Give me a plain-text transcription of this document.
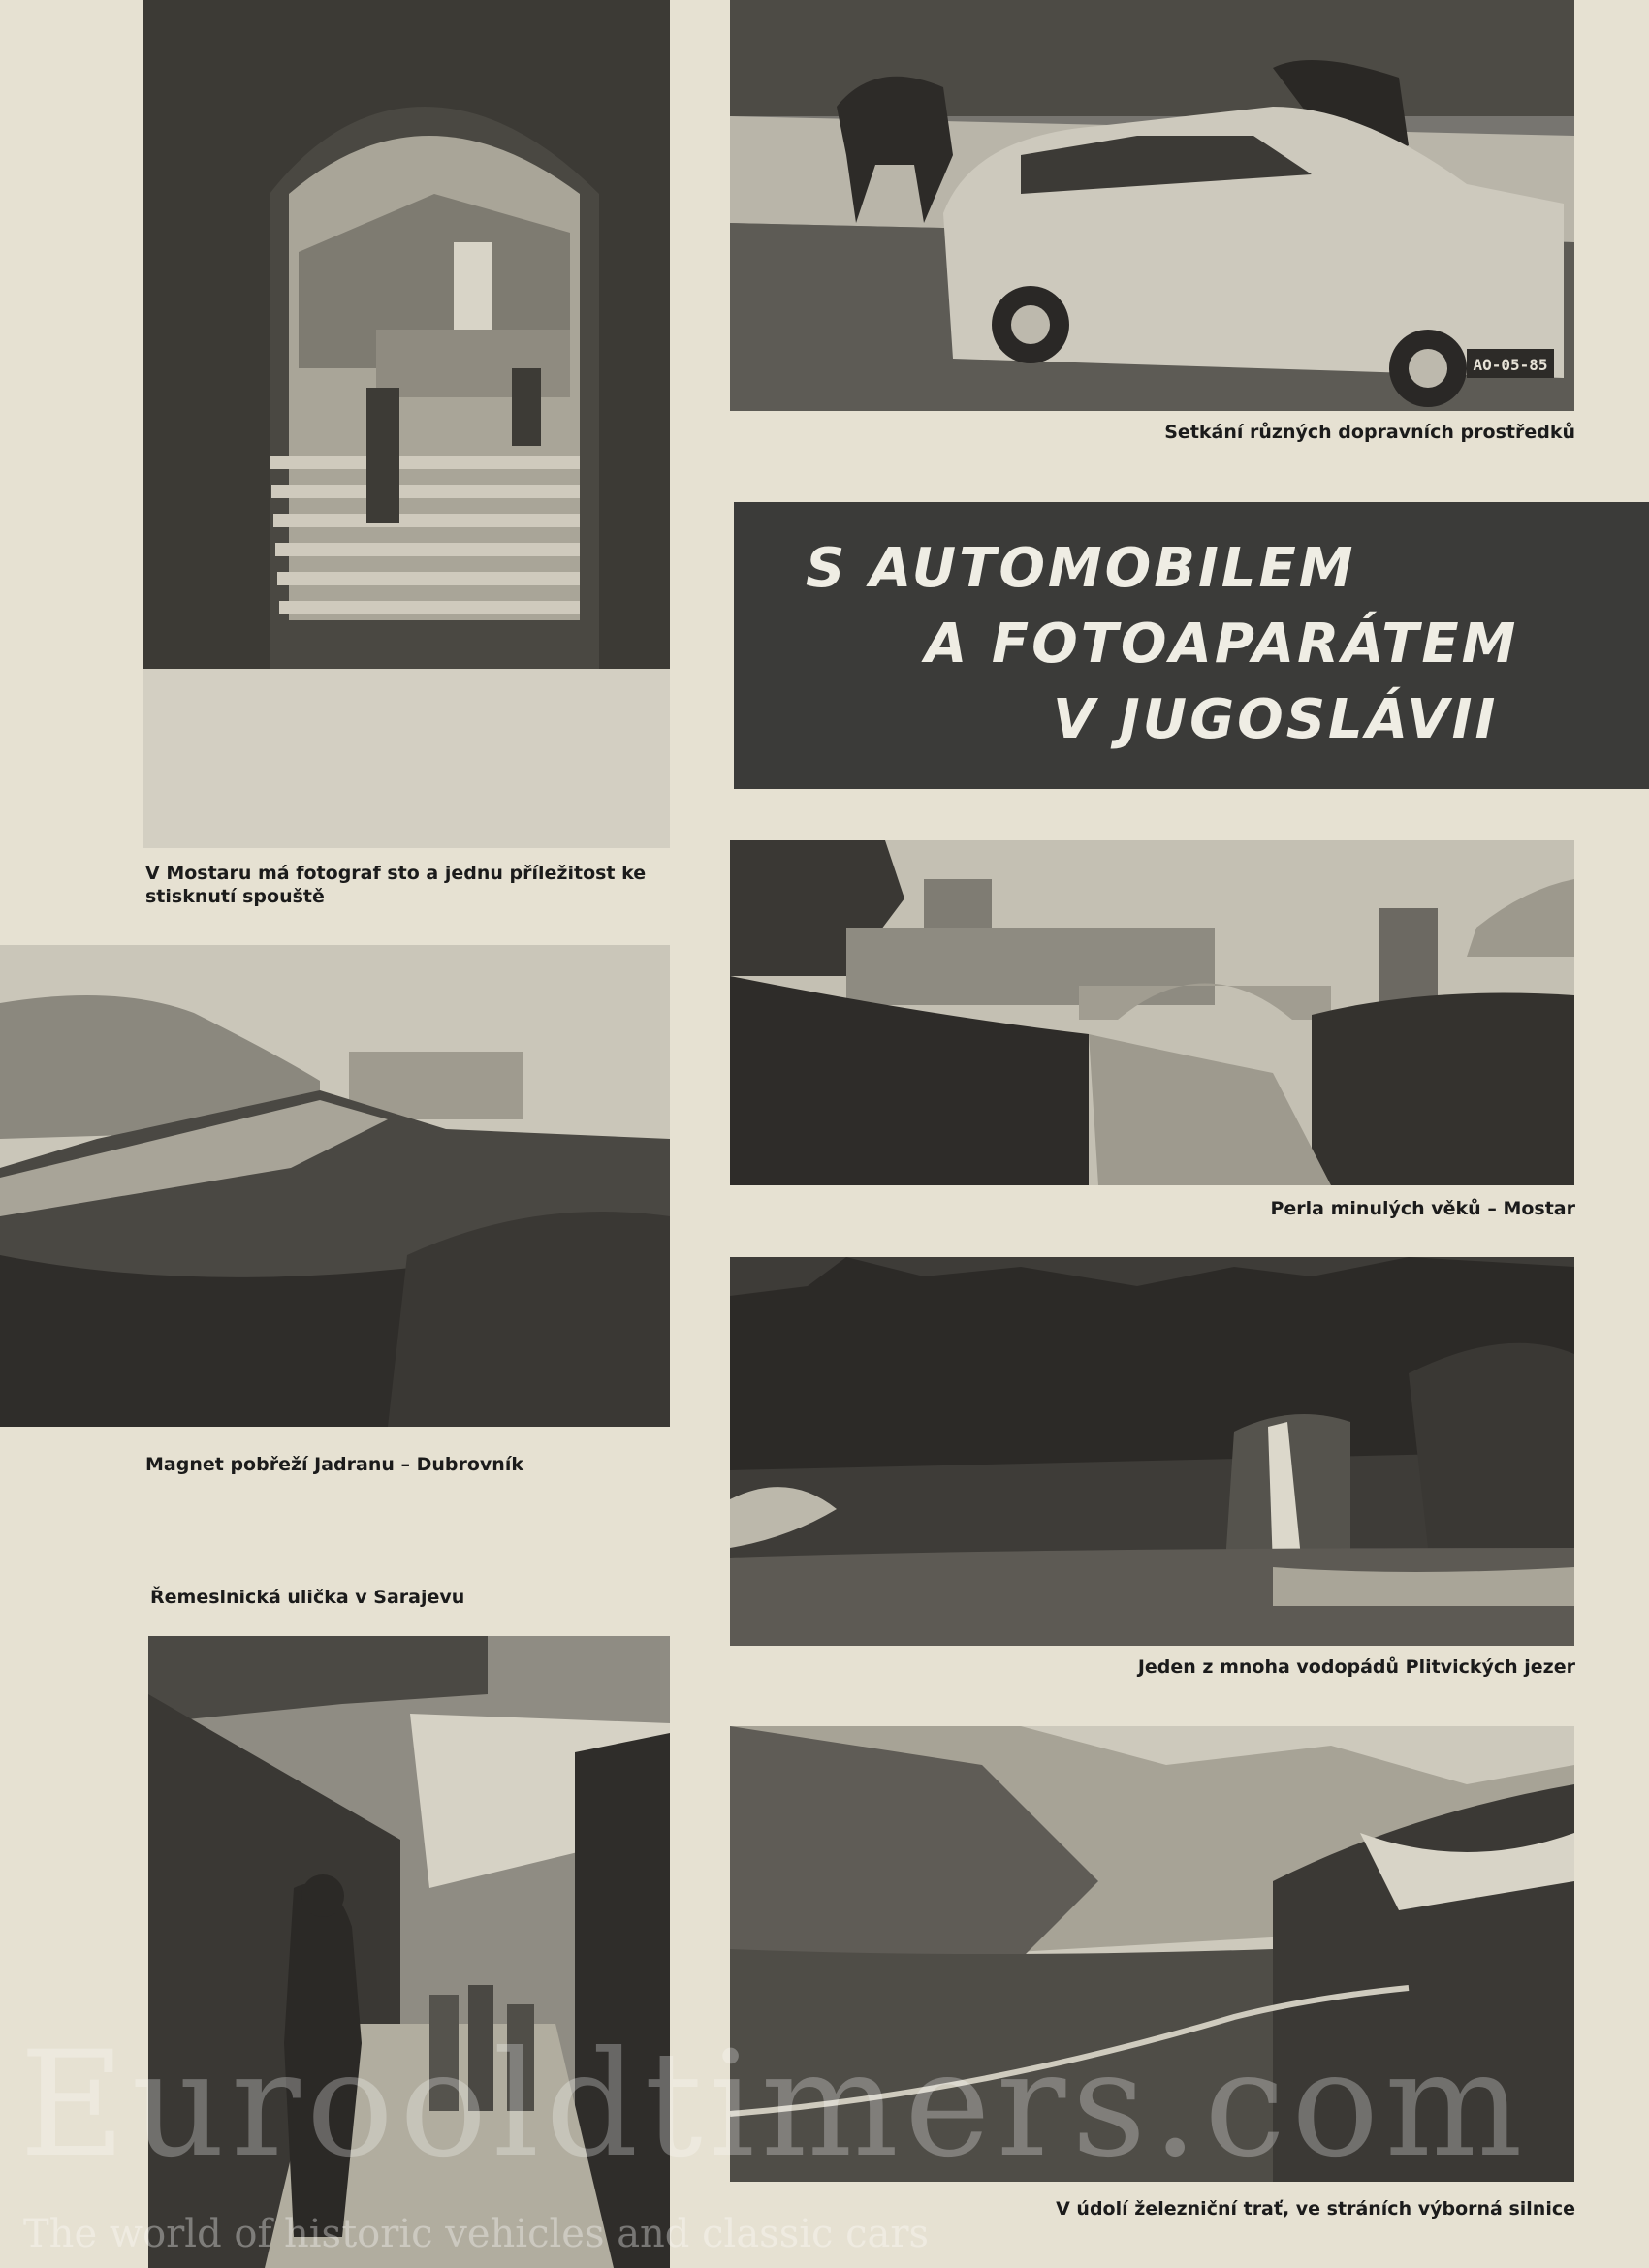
AO-05-85
Setkání různých dopravních prostředků
S AUTOMOBILEM
A FOTOAPARÁTEM
V JUGOSLÁVII
V Mostaru má fotograf sto a jednu příležitost ke stisknutí spouště
Magnet pobřeží Jadranu – Dubrovník
Perla minulých věků – Mostar
Jeden z mnoha vodopádů Plitvických jezer
Řemeslnická ulička v Sarajevu
V údolí železniční trať, ve stráních výborná silnice
Eurooldtimers.com
The world of historic vehicles and classic cars
